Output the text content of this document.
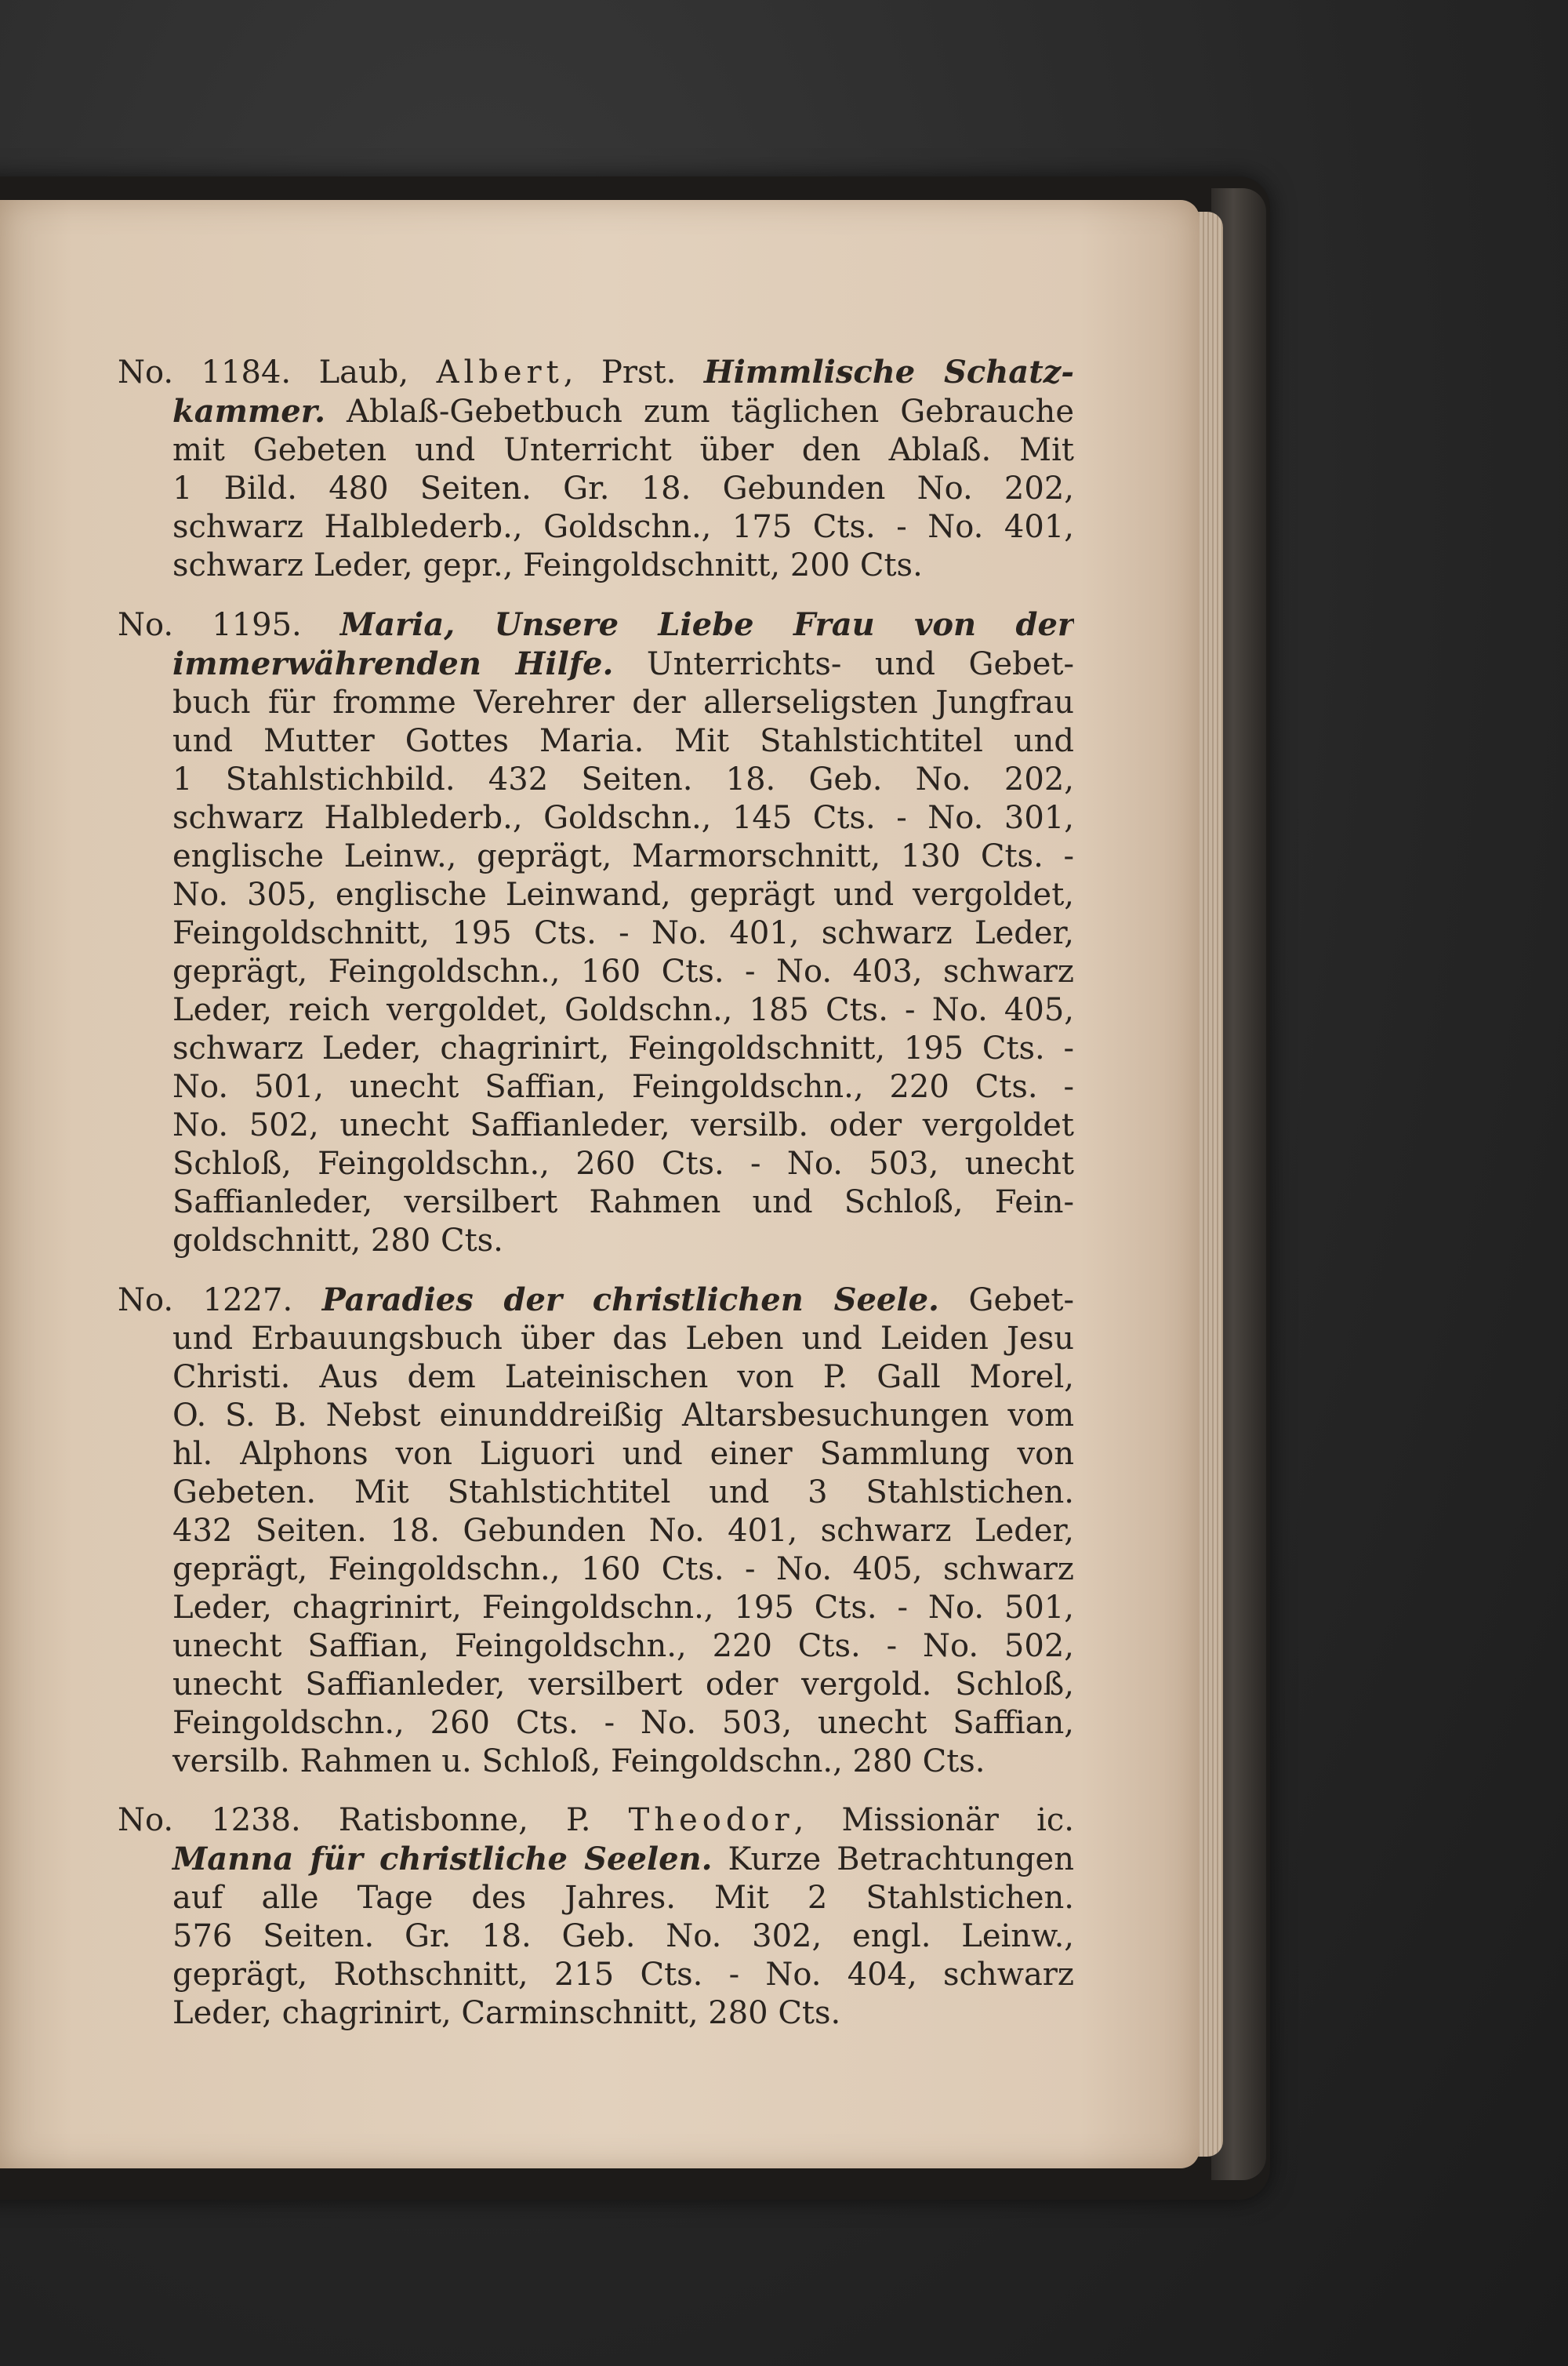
No. 1184. Laub, Albert, Prst. Himmlische Schatz-
kammer. Ablaß-Gebetbuch zum täglichen Gebrauche
mit Gebeten und Unterricht über den Ablaß. Mit
1 Bild. 480 Seiten. Gr. 18. Gebunden No. 202,
schwarz Halblederb., Goldschn., 175 Cts. - No. 401,
schwarz Leder, gepr., Feingoldschnitt, 200 Cts.
No. 1195. Maria, Unsere Liebe Frau von der
immerwährenden Hilfe. Unterrichts- und Gebet-
buch für fromme Verehrer der allerseligsten Jungfrau
und Mutter Gottes Maria. Mit Stahlstichtitel und
1 Stahlstichbild. 432 Seiten. 18. Geb. No. 202,
schwarz Halblederb., Goldschn., 145 Cts. - No. 301,
englische Leinw., geprägt, Marmorschnitt, 130 Cts. -
No. 305, englische Leinwand, geprägt und vergoldet,
Feingoldschnitt, 195 Cts. - No. 401, schwarz Leder,
geprägt, Feingoldschn., 160 Cts. - No. 403, schwarz
Leder, reich vergoldet, Goldschn., 185 Cts. - No. 405,
schwarz Leder, chagrinirt, Feingoldschnitt, 195 Cts. -
No. 501, unecht Saffian, Feingoldschn., 220 Cts. -
No. 502, unecht Saffianleder, versilb. oder vergoldet
Schloß, Feingoldschn., 260 Cts. - No. 503, unecht
Saffianleder, versilbert Rahmen und Schloß, Fein-
goldschnitt, 280 Cts.
No. 1227. Paradies der christlichen Seele. Gebet-
und Erbauungsbuch über das Leben und Leiden Jesu
Christi. Aus dem Lateinischen von P. Gall Morel,
O. S. B. Nebst einunddreißig Altarsbesuchungen vom
hl. Alphons von Liguori und einer Sammlung von
Gebeten. Mit Stahlstichtitel und 3 Stahlstichen.
432 Seiten. 18. Gebunden No. 401, schwarz Leder,
geprägt, Feingoldschn., 160 Cts. - No. 405, schwarz
Leder, chagrinirt, Feingoldschn., 195 Cts. - No. 501,
unecht Saffian, Feingoldschn., 220 Cts. - No. 502,
unecht Saffianleder, versilbert oder vergold. Schloß,
Feingoldschn., 260 Cts. - No. 503, unecht Saffian,
versilb. Rahmen u. Schloß, Feingoldschn., 280 Cts.
No. 1238. Ratisbonne, P. Theodor, Missionär ic.
Manna für christliche Seelen. Kurze Betrachtungen
auf alle Tage des Jahres. Mit 2 Stahlstichen.
576 Seiten. Gr. 18. Geb. No. 302, engl. Leinw.,
geprägt, Rothschnitt, 215 Cts. - No. 404, schwarz
Leder, chagrinirt, Carminschnitt, 280 Cts.
